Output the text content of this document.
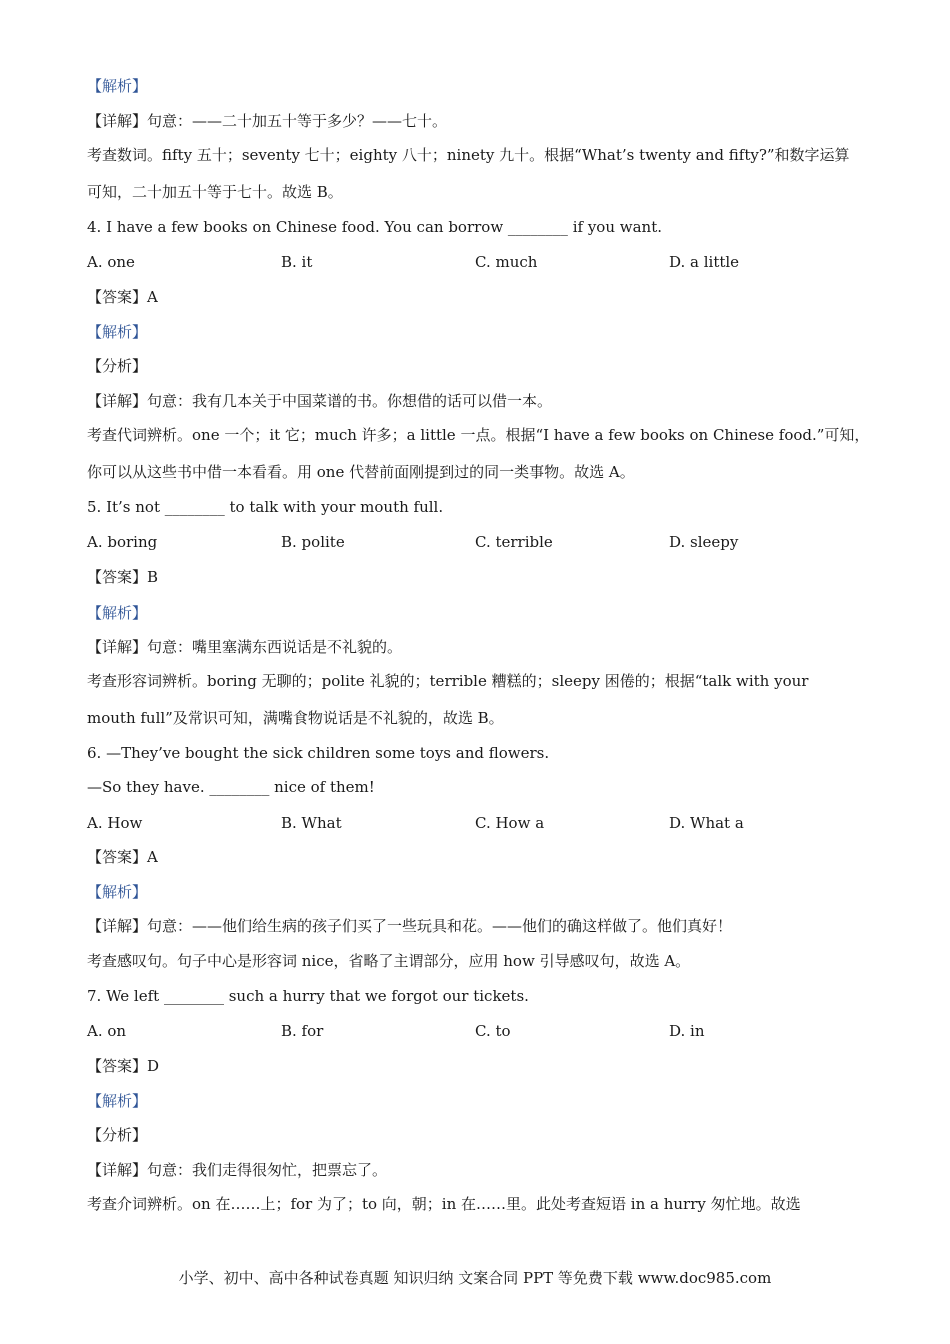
【解析】
【详解】句意：——二十加五十等于多少？——七十。
考查数词。fifty 五十；seventy 七十；eighty 八十；ninety 九十。根据“What’s twenty and fifty?”和数字运算
可知，二十加五十等于七十。故选 B。
4. I have a few books on Chinese food. You can borrow ________ if you want.
A. one	B. it	C. much	D. a little
【答案】A
【解析】
【分析】
【详解】句意：我有几本关于中国菜谱的书。你想借的话可以借一本。
考查代词辨析。one 一个；it 它；much 许多；a little 一点。根据“I have a few books on Chinese food.”可知，
你可以从这些书中借一本看看。用 one 代替前面刚提到过的同一类事物。故选 A。
5. It’s not ________ to talk with your mouth full.
A. boring	B. polite	C. terrible	D. sleepy
【答案】B
【解析】
【详解】句意：嘴里塞满东西说话是不礼貌的。
考查形容词辨析。boring 无聊的；polite 礼貌的；terrible 糟糕的；sleepy 困倦的；根据“talk with your
mouth full”及常识可知，满嘴食物说话是不礼貌的，故选 B。
6. —They’ve bought the sick children some toys and flowers.
—So they have. ________ nice of them!
A. How	B. What	C. How a	D. What a
【答案】A
【解析】
【详解】句意：——他们给生病的孩子们买了一些玩具和花。——他们的确这样做了。他们真好！
考查感叹句。句子中心是形容词 nice，省略了主谓部分，应用 how 引导感叹句，故选 A。
7. We left ________ such a hurry that we forgot our tickets.
A. on	B. for	C. to	D. in
【答案】D
【解析】
【分析】
【详解】句意：我们走得很匆忙，把票忘了。
考查介词辨析。on 在……上；for 为了；to 向，朝；in 在……里。此处考查短语 in a hurry 匆忙地。故选
小学、初中、高中各种试卷真题 知识归纳 文案合同 PPT 等免费下载 www.doc985.com
